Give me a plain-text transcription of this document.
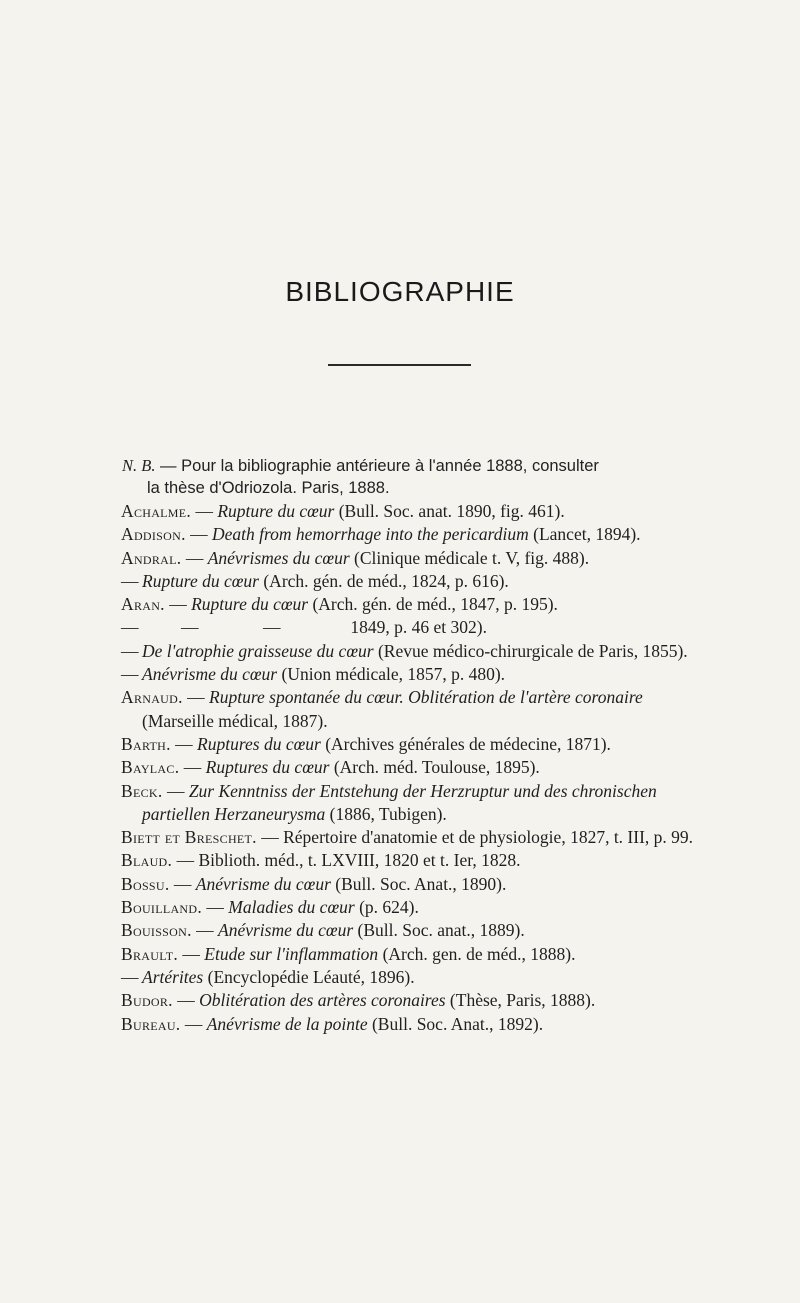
BIBLIOGRAPHIE
N. B. — Pour la bibliographie antérieure à l'année 1888, consulter
la thèse d'Odriozola. Paris, 1888.

Achalme. — Rupture du cœur (Bull. Soc. anat. 1890, fig. 461).

Addison. — Death from hemorrhage into the pericardium (Lancet, 1894).

Andral. — Anévrismes du cœur (Clinique médicale t. V, fig. 488).

—Rupture du cœur (Arch. gén. de méd., 1824, p. 616).

Aran. — Rupture du cœur (Arch. gén. de méd., 1847, p. 195).

——	—	1849, p. 46 et 302).

—De l'atrophie graisseuse du cœur (Revue médico-chirurgicale de Paris, 1855).

—Anévrisme du cœur (Union médicale, 1857, p. 480).

Arnaud. — Rupture spontanée du cœur. Oblitération de l'artère coronaire (Marseille médical, 1887).

Barth. — Ruptures du cœur (Archives générales de médecine, 1871).

Baylac. — Ruptures du cœur (Arch. méd. Toulouse, 1895).

Beck. — Zur Kenntniss der Entstehung der Herzruptur und des chronischen partiellen Herzaneurysma (1886, Tubigen).

Biett et Breschet. — Répertoire d'anatomie et de physiologie, 1827, t. III, p. 99.

Blaud. — Biblioth. méd., t. LXVIII, 1820 et t. Ier, 1828.

Bossu. — Anévrisme du cœur (Bull. Soc. Anat., 1890).

Bouilland. — Maladies du cœur (p. 624).

Bouisson. — Anévrisme du cœur (Bull. Soc. anat., 1889).

Brault. — Etude sur l'inflammation (Arch. gen. de méd., 1888).

—Artérites (Encyclopédie Léauté, 1896).

Budor. — Oblitération des artères coronaires (Thèse, Paris, 1888).

Bureau. — Anévrisme de la pointe (Bull. Soc. Anat., 1892).
